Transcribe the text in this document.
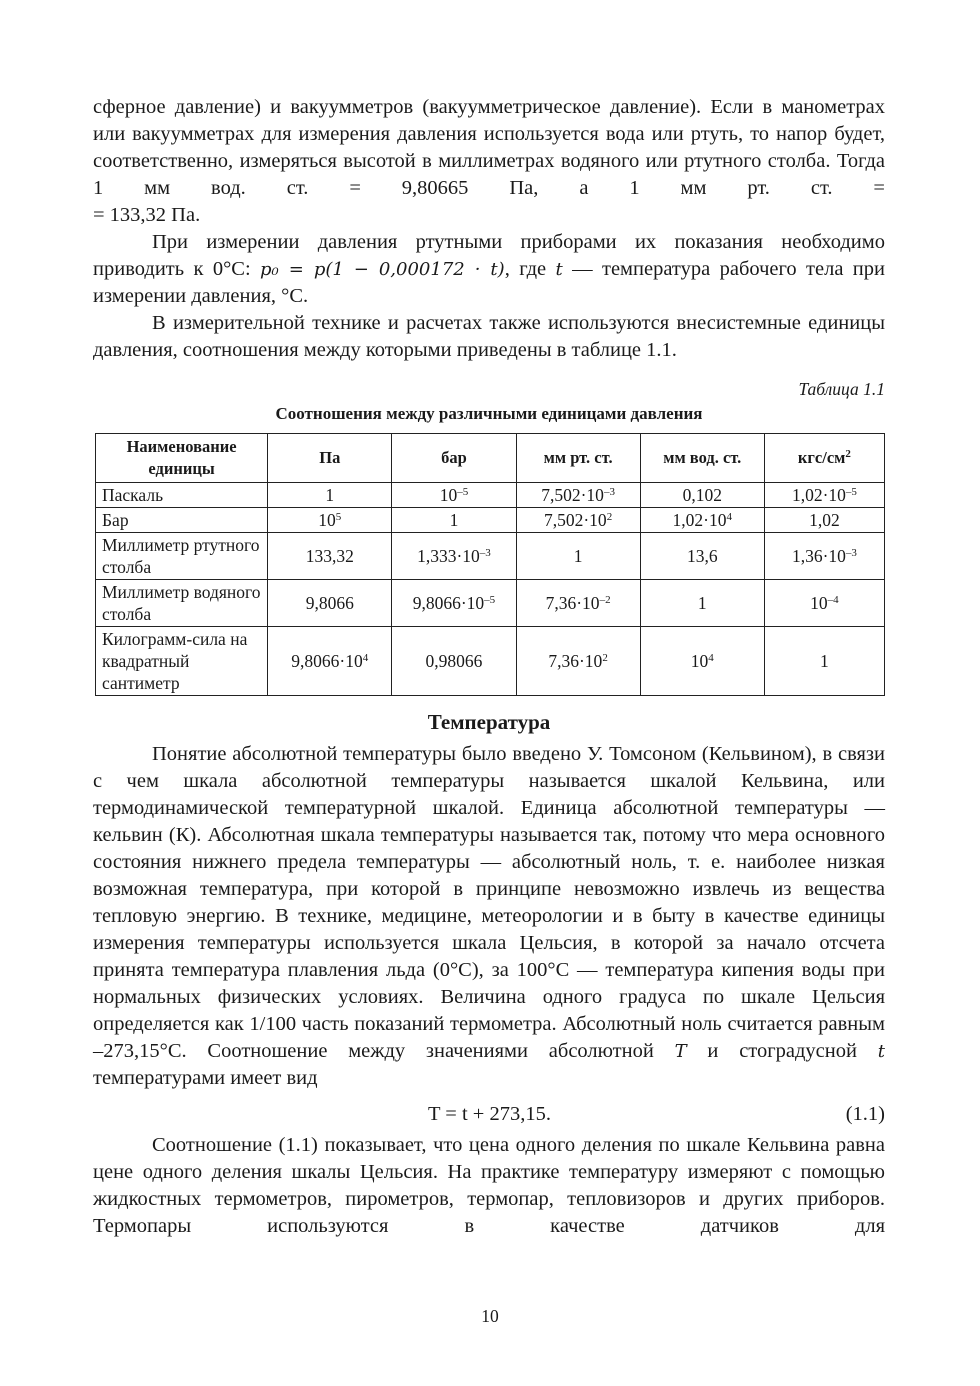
сферное давление) и вакуумметров (вакуумметрическое давление). Если в манометрах или вакуумметрах для измерения давления используется вода или ртуть, то напор будет, соответственно, измеряться высотой в миллиметрах водяного или ртутного столба. Тогда 1 мм вод. ст. = 9,80665 Па, а 1 мм рт. ст. =

= 133,32 Па.

При измерении давления ртутными приборами их показания необходимо приводить к 0°С: p₀ = p(1 − 0,000172 · t), где t — температура рабочего тела при измерении давления, °С.

В измерительной технике и расчетах также используются внесистемные единицы давления, соотношения между которыми приведены в таблице 1.1.

Таблица 1.1
Соотношения между различными единицами давления
Наименование единицы	Па	бар	мм рт. ст.	мм вод. ст.	кгс/$см^2$
Паскаль	1	$10^{-5}$	$7,502\cdot 10^{-3}$	0,102	$1,02\cdot 10^{-5}$
Бар	$10^5$	1	$7,502\cdot 10^2$	$1,02\cdot 10^4$	1,02
Миллиметр ртутного столба	133,32	$1,333\cdot 10^{-3}$	1	13,6	$1,36\cdot 10^{-3}$
Миллиметр водяного столба	9,8066	$9,8066\cdot 10^{-5}$	$7,36\cdot 10^{-2}$	1	$10^{-4}$
Килограмм-сила на квадратный сантиметр	$9,8066\cdot 10^4$	0,98066	$7,36\cdot 10^2$	$10^4$	1
Температура

Понятие абсолютной температуры было введено У. Томсоном (Кельвином), в связи с чем шкала абсолютной температуры называется шкалой Кельвина, или термодинамической температурной шкалой. Единица абсолютной температуры — кельвин (К). Абсолютная шкала температуры называется так, потому что мера основного состояния нижнего предела температуры — абсолютный ноль, т. е. наиболее низкая возможная температура, при которой в принципе невозможно извлечь из вещества тепловую энергию. В технике, медицине, метеорологии и в быту в качестве единицы измерения температуры используется шкала Цельсия, в которой за начало отсчета принята температура плавления льда (0°С), за 100°С — температура кипения воды при нормальных физических условиях. Величина одного градуса по шкале Цельсия определяется как 1/100 часть показаний термометра. Абсолютный ноль считается равным –273,15°С. Соотношение между значениями абсолютной T и стоградусной t температурами имеет вид

T = t + 273,15.	(1.1)

Соотношение (1.1) показывает, что цена одного деления по шкале Кельвина равна цене одного деления шкалы Цельсия. На практике температуру измеряют с помощью жидкостных термометров, пирометров, термопар, тепловизоров и других приборов. Термопары используются в качестве датчиков для

10
